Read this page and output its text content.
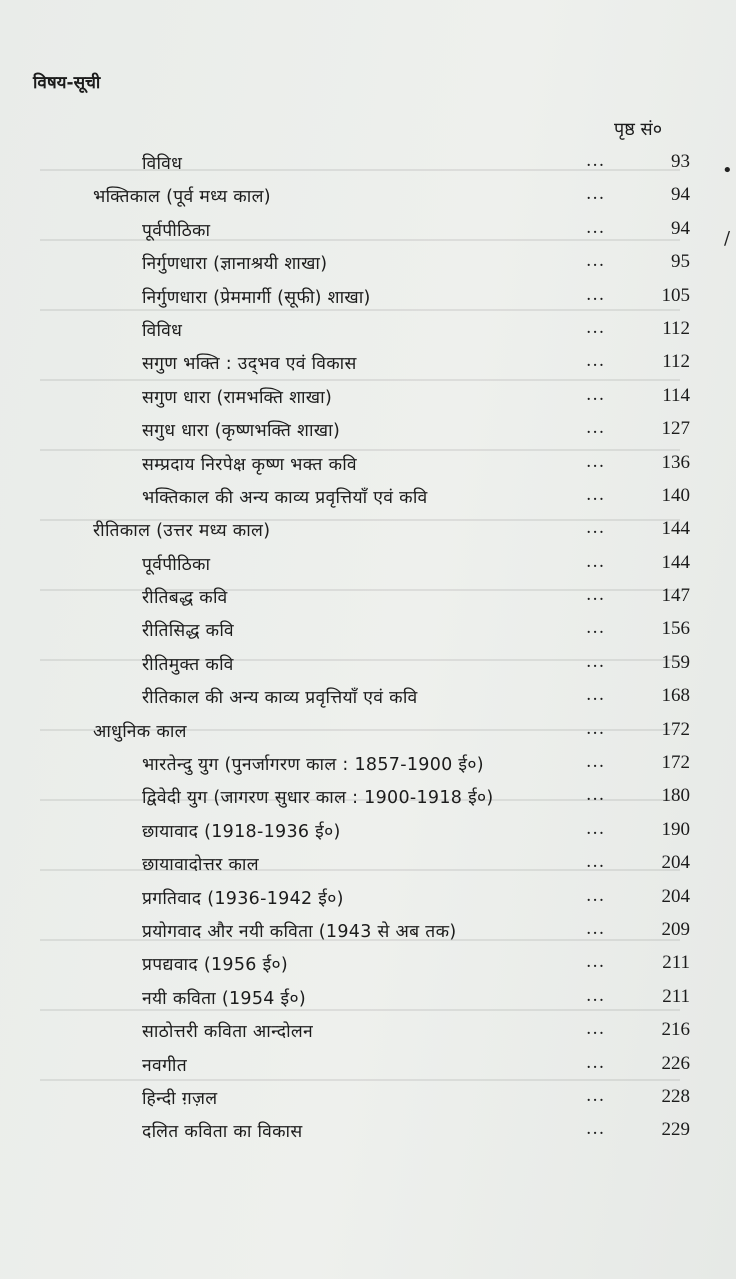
विषय-सूची
पृष्ठ सं०
विविध	...	93
भक्तिकाल (पूर्व मध्य काल)	...	94
पूर्वपीठिका	...	94
निर्गुणधारा (ज्ञानाश्रयी शाखा)	...	95
निर्गुणधारा (प्रेममार्गी (सूफी) शाखा)	...	105
विविध	...	112
सगुण भक्ति : उद्‌भव एवं विकास	...	112
सगुण धारा (रामभक्ति शाखा)	...	114
सगुध धारा (कृष्णभक्ति शाखा)	...	127
सम्प्रदाय निरपेक्ष कृष्ण भक्त कवि	...	136
भक्तिकाल की अन्य काव्य प्रवृत्तियाँ एवं कवि	...	140
रीतिकाल (उत्तर मध्य काल)	...	144
पूर्वपीठिका	...	144
रीतिबद्ध कवि	...	147
रीतिसिद्ध कवि	...	156
रीतिमुक्त कवि	...	159
रीतिकाल की अन्य काव्य प्रवृत्तियाँ एवं कवि	...	168
आधुनिक काल	...	172
भारतेन्दु युग (पुनर्जागरण काल : 1857-1900 ई०)	...	172
द्विवेदी युग (जागरण सुधार काल : 1900-1918 ई०)	...	180
छायावाद (1918-1936 ई०)	...	190
छायावादोत्तर काल	...	204
प्रगतिवाद (1936-1942 ई०)	...	204
प्रयोगवाद और नयी कविता (1943 से अब तक)	...	209
प्रपद्यवाद (1956 ई०)	...	211
नयी कविता (1954 ई०)	...	211
साठोत्तरी कविता आन्दोलन	...	216
नवगीत	...	226
हिन्दी ग़ज़ल	...	228
दलित कविता का विकास	...	229
•
/
